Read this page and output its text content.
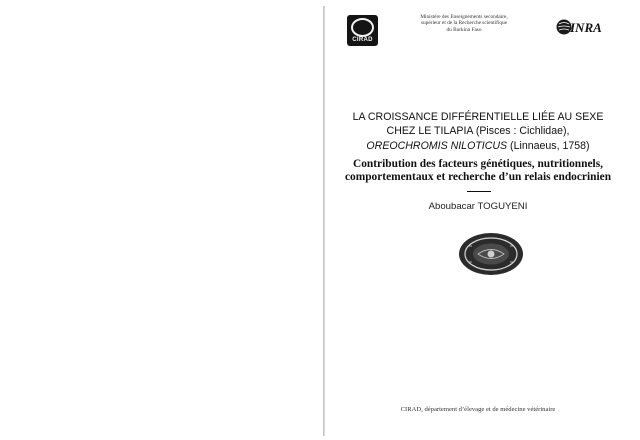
CIRAD
Ministère des Enseignements secondaire,
supérieur et de la Recherche scientifique
du Burkina Faso	INRA
LA CROISSANCE DIFFÉRENTIELLE LIÉE AU SEXE
CHEZ LE TILAPIA (Pisces : Cichlidae),
OREOCHROMIS NILOTICUS (Linnaeus, 1758)
Contribution des facteurs génétiques, nutritionnels,
comportementaux et recherche d’un relais endocrinien
Aboubacar TOGUYENI
CIRAD, département d’élevage et de médecine vétérinaire
